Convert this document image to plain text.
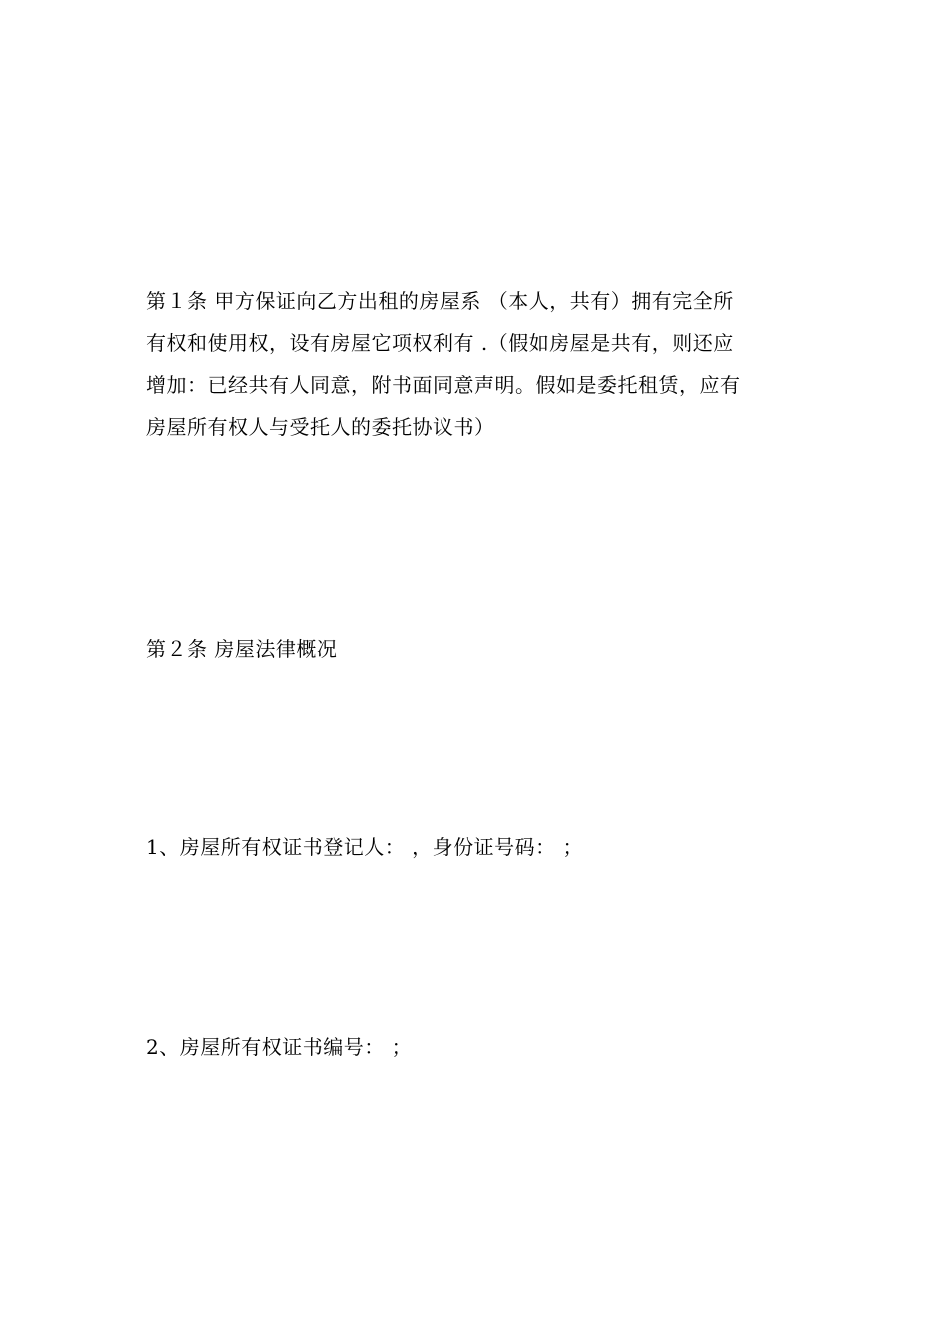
第１条 甲方保证向乙方出租的房屋系 （本人，共有）拥有完全所
有权和使用权，设有房屋它项权利有 .（假如房屋是共有，则还应
增加：已经共有人同意，附书面同意声明。假如是委托租赁，应有
房屋所有权人与受托人的委托协议书）
第２条 房屋法律概况
1、房屋所有权证书登记人： ，身份证号码： ；
2、房屋所有权证书编号： ；
